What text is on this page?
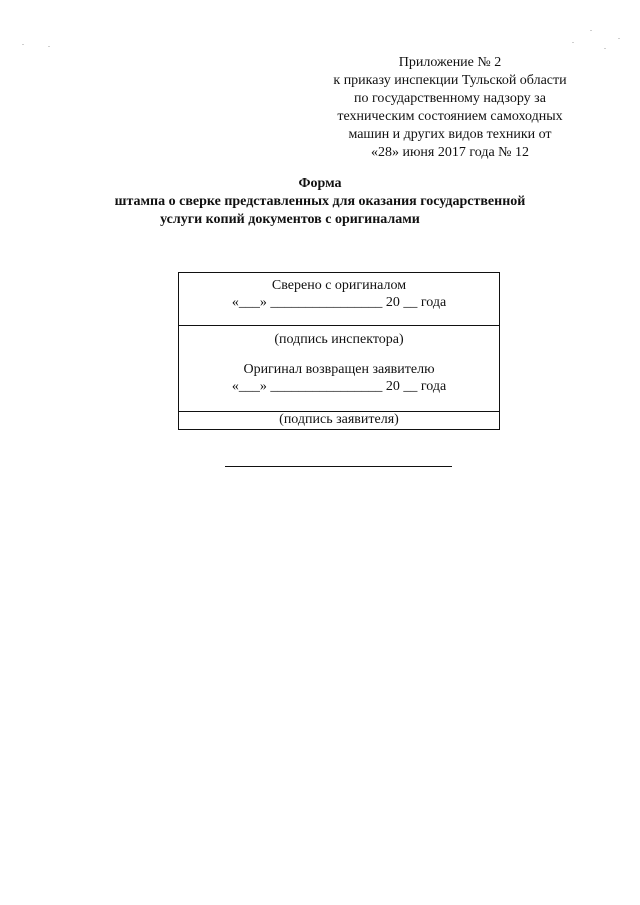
Приложение № 2
к приказу инспекции Тульской области
по государственному надзору за
техническим состоянием самоходных
машин и других видов техники от
«28» июня 2017 года № 12
Форма
штампа о сверке представленных для оказания государственной
услуги копий документов с оригиналами
Сверено с оригиналом
«___» ________________ 20 __ года
(подпись инспектора)
Оригинал возвращен заявителю
«___» ________________ 20 __ года
(подпись заявителя)
